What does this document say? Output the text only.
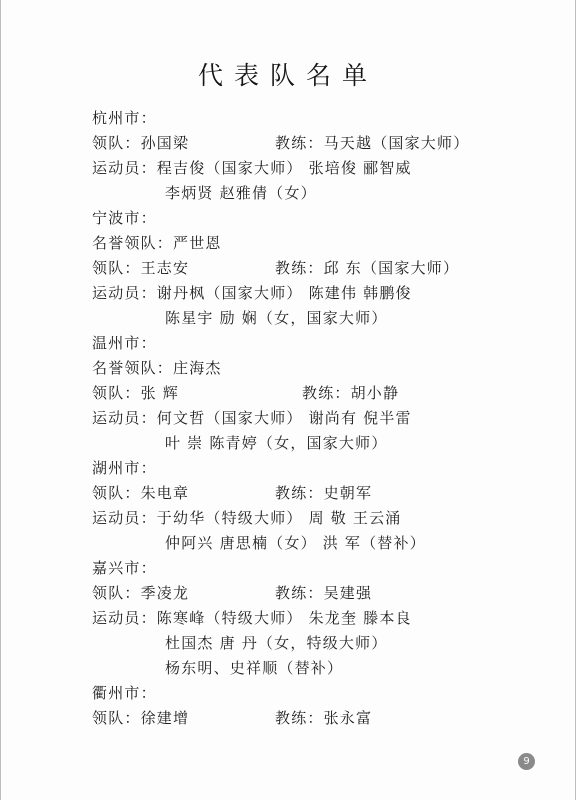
代表队名单
杭州市：
领队：孙国梁	教练：马天越（国家大师）
运动员：程吉俊（国家大师） 张培俊 郦智威
李炳贤 赵雅倩（女）
宁波市：
名誉领队：严世恩
领队：王志安	教练：邱 东（国家大师）
运动员：谢丹枫（国家大师） 陈建伟 韩鹏俊
陈星宇 励 娴（女，国家大师）
温州市：
名誉领队：庄海杰
领队：张 辉	教练：胡小静
运动员：何文哲（国家大师） 谢尚有 倪半雷
叶 崇 陈青婷（女，国家大师）
湖州市：
领队：朱电章	教练：史朝军
运动员：于幼华（特级大师） 周 敬 王云涌
仲阿兴 唐思楠（女） 洪 军（替补）
嘉兴市：
领队：季凌龙	教练：吴建强
运动员：陈寒峰（特级大师） 朱龙奎 滕本良
杜国杰 唐 丹（女，特级大师）
杨东明、史祥顺（替补）
衢州市：
领队：徐建增	教练：张永富
9
